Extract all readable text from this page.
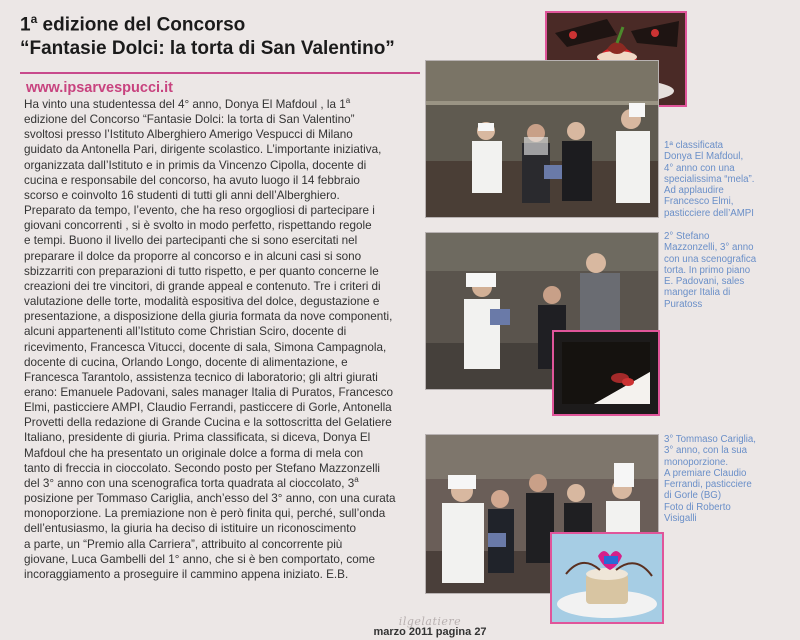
1$^a$ edizione del Concorso
“Fantasie Dolci: la torta di San Valentino”
www.ipsarvespucci.it

Ha vinto una studentessa del 4° anno, Donya El Mafdoul , la 1$^a$

edizione del Concorso “Fantasie Dolci: la torta di San Valentino”

svoltosi presso l’Istituto Alberghiero Amerigo Vespucci di Milano

guidato da Antonella Pari, dirigente scolastico. L’importante iniziativa,

organizzata dall’Istituto e in primis da Vincenzo Cipolla, docente di

cucina e responsabile del concorso, ha avuto luogo il 14 febbraio

scorso e coinvolto 16 studenti di tutti gli anni dell’Alberghiero.

Preparato da tempo, l’evento, che ha reso orgogliosi di partecipare i

giovani concorrenti , si è svolto in modo perfetto, rispettando regole

e tempi. Buono il livello dei partecipanti che si sono esercitati nel

preparare il dolce da proporre al concorso e in alcuni casi si sono

sbizzarriti con preparazioni di tutto rispetto, e per quanto concerne le

creazioni dei tre vincitori, di grande appeal e contenuto. Tre i criteri di

valutazione delle torte, modalità espositiva del dolce, degustazione e

presentazione, a disposizione della giuria formata da nove componenti,

alcuni appartenenti all’Istituto come Christian Sciro, docente di

ricevimento, Francesca Vitucci, docente di sala, Simona Campagnola,

docente di cucina, Orlando Longo, docente di alimentazione, e

Francesca Tarantolo, assistenza tecnico di laboratorio; gli altri giurati

erano: Emanuele Padovani, sales manager Italia di Puratos, Francesco

Elmi, pasticciere AMPI, Claudio Ferrandi, pasticcere di Gorle, Antonella

Provetti della redazione di Grande Cucina e la sottoscritta del Gelatiere

Italiano, presidente di giuria. Prima classificata, si diceva, Donya El

Mafdoul che ha presentato un originale dolce a forma di mela con

tanto di freccia in cioccolato. Secondo posto per Stefano Mazzonzelli

del 3° anno con una scenografica torta quadrata al cioccolato, 3$^a$

posizione per Tommaso Cariglia, anch’esso del 3° anno, con una curata

monoporzione. La premiazione non è però finita qui, perché, sull’onda

dell’entusiasmo, la giuria ha deciso di istituire un riconoscimento

a parte, un “Premio alla Carriera”, attribuito al concorrente più

giovane, Luca Gambelli del 1° anno, che si è ben comportato, come

incoraggiamento a proseguire il cammino appena iniziato. E.B.

1ª classificata

Donya El Mafdoul,

4° anno con una

specialissima “mela”.

Ad applaudire

Francesco Elmi,

pasticciere dell’AMPI

2° Stefano

Mazzonzelli, 3° anno

con una scenografica

torta. In primo piano

E. Padovani, sales

manger Italia di

Puratoss

3° Tommaso Cariglia,

3° anno, con la sua

monoporzione.

A premiare Claudio

Ferrandi, pasticciere

di Gorle (BG)

Foto di Roberto

Visigalli

ilgelatiere
marzo 2011 pagina 27
